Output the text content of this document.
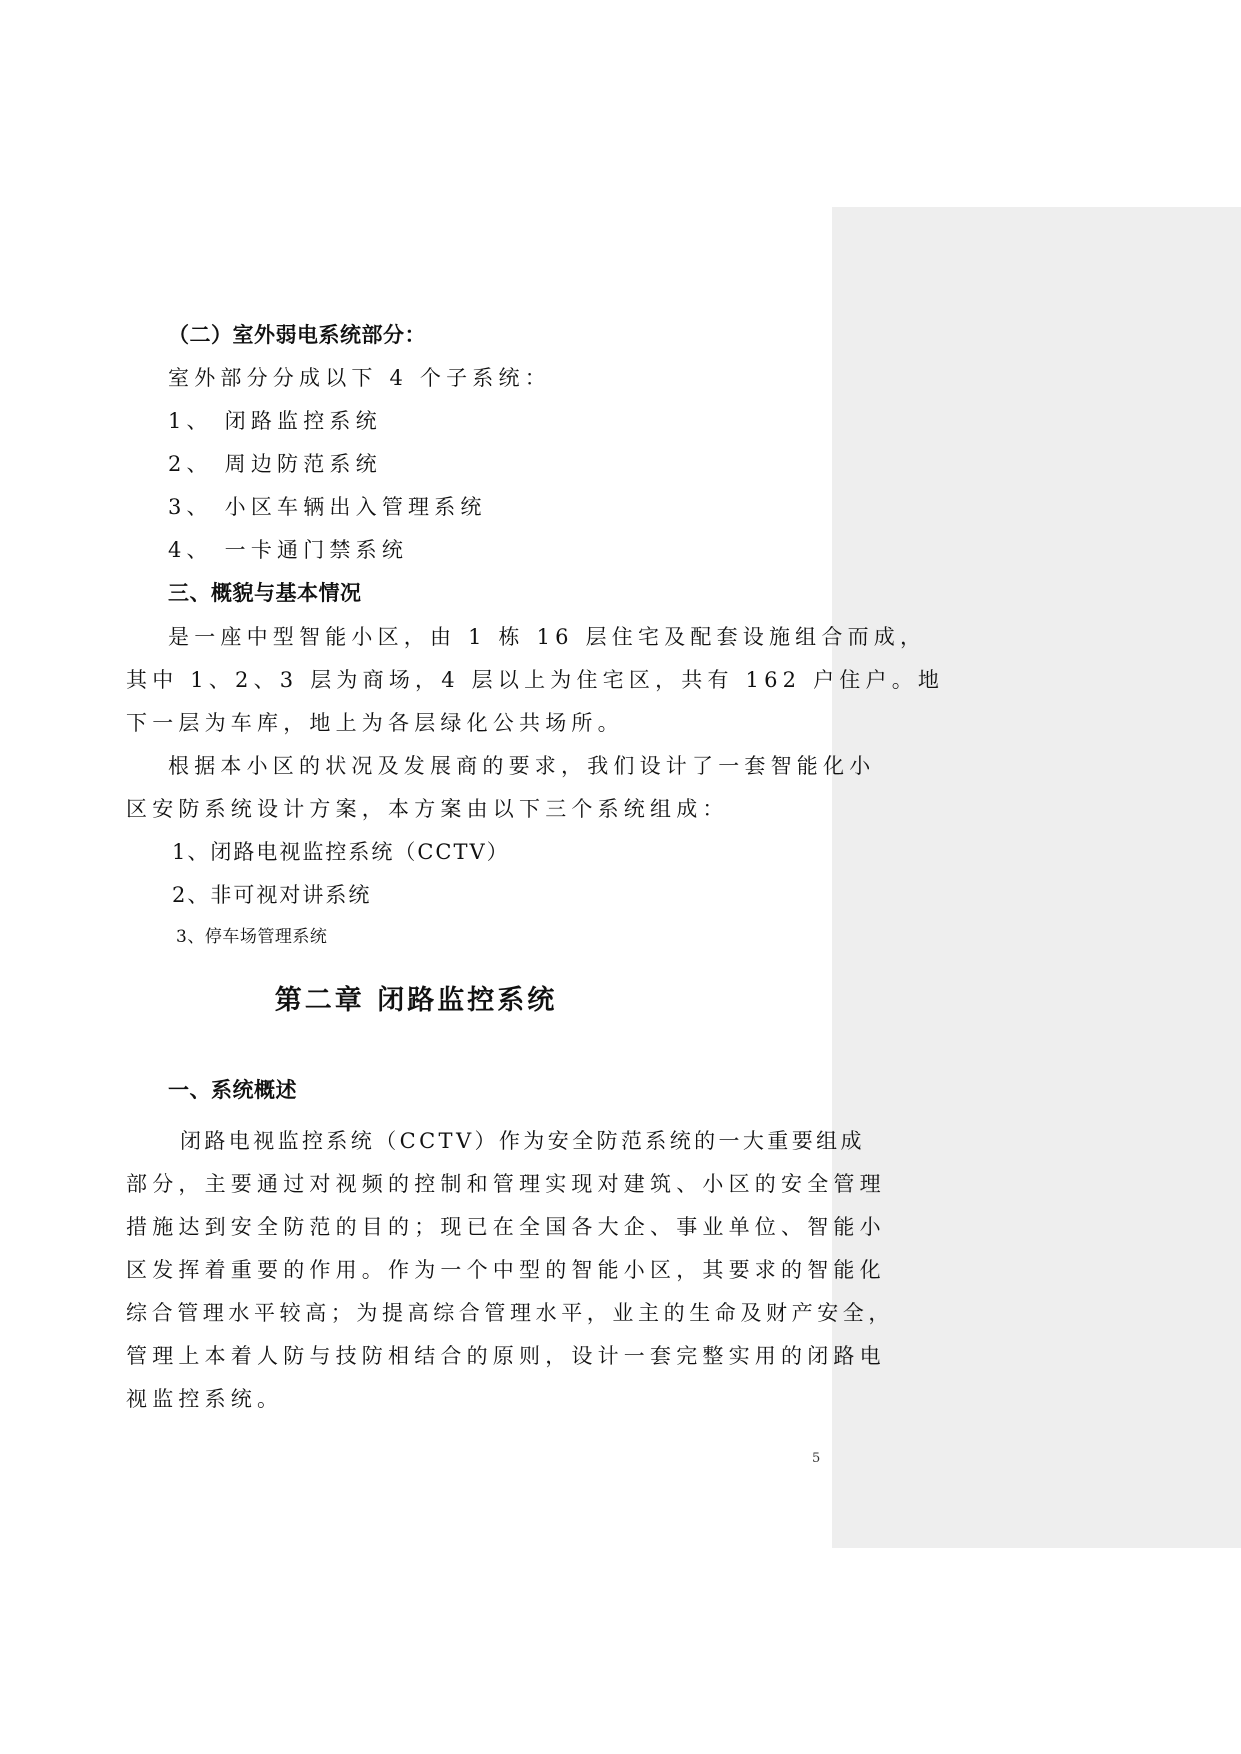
（二）室外弱电系统部分：
室外部分分成以下 4 个子系统：
1、 闭路监控系统
2、 周边防范系统
3、 小区车辆出入管理系统
4、 一卡通门禁系统
三、概貌与基本情况
是一座中型智能小区，由 1 栋 16 层住宅及配套设施组合而成，
其中 1、2、3 层为商场，4 层以上为住宅区，共有 162 户住户。地
下一层为车库，地上为各层绿化公共场所。
根据本小区的状况及发展商的要求，我们设计了一套智能化小
区安防系统设计方案，本方案由以下三个系统组成：
1、闭路电视监控系统（CCTV）
2、非可视对讲系统
3、停车场管理系统
第二章 闭路监控系统
一、系统概述
闭路电视监控系统（CCTV）作为安全防范系统的一大重要组成
部分，主要通过对视频的控制和管理实现对建筑、小区的安全管理
措施达到安全防范的目的；现已在全国各大企、事业单位、智能小
区发挥着重要的作用。作为一个中型的智能小区，其要求的智能化
综合管理水平较高；为提高综合管理水平，业主的生命及财产安全，
管理上本着人防与技防相结合的原则，设计一套完整实用的闭路电
视监控系统。
5
